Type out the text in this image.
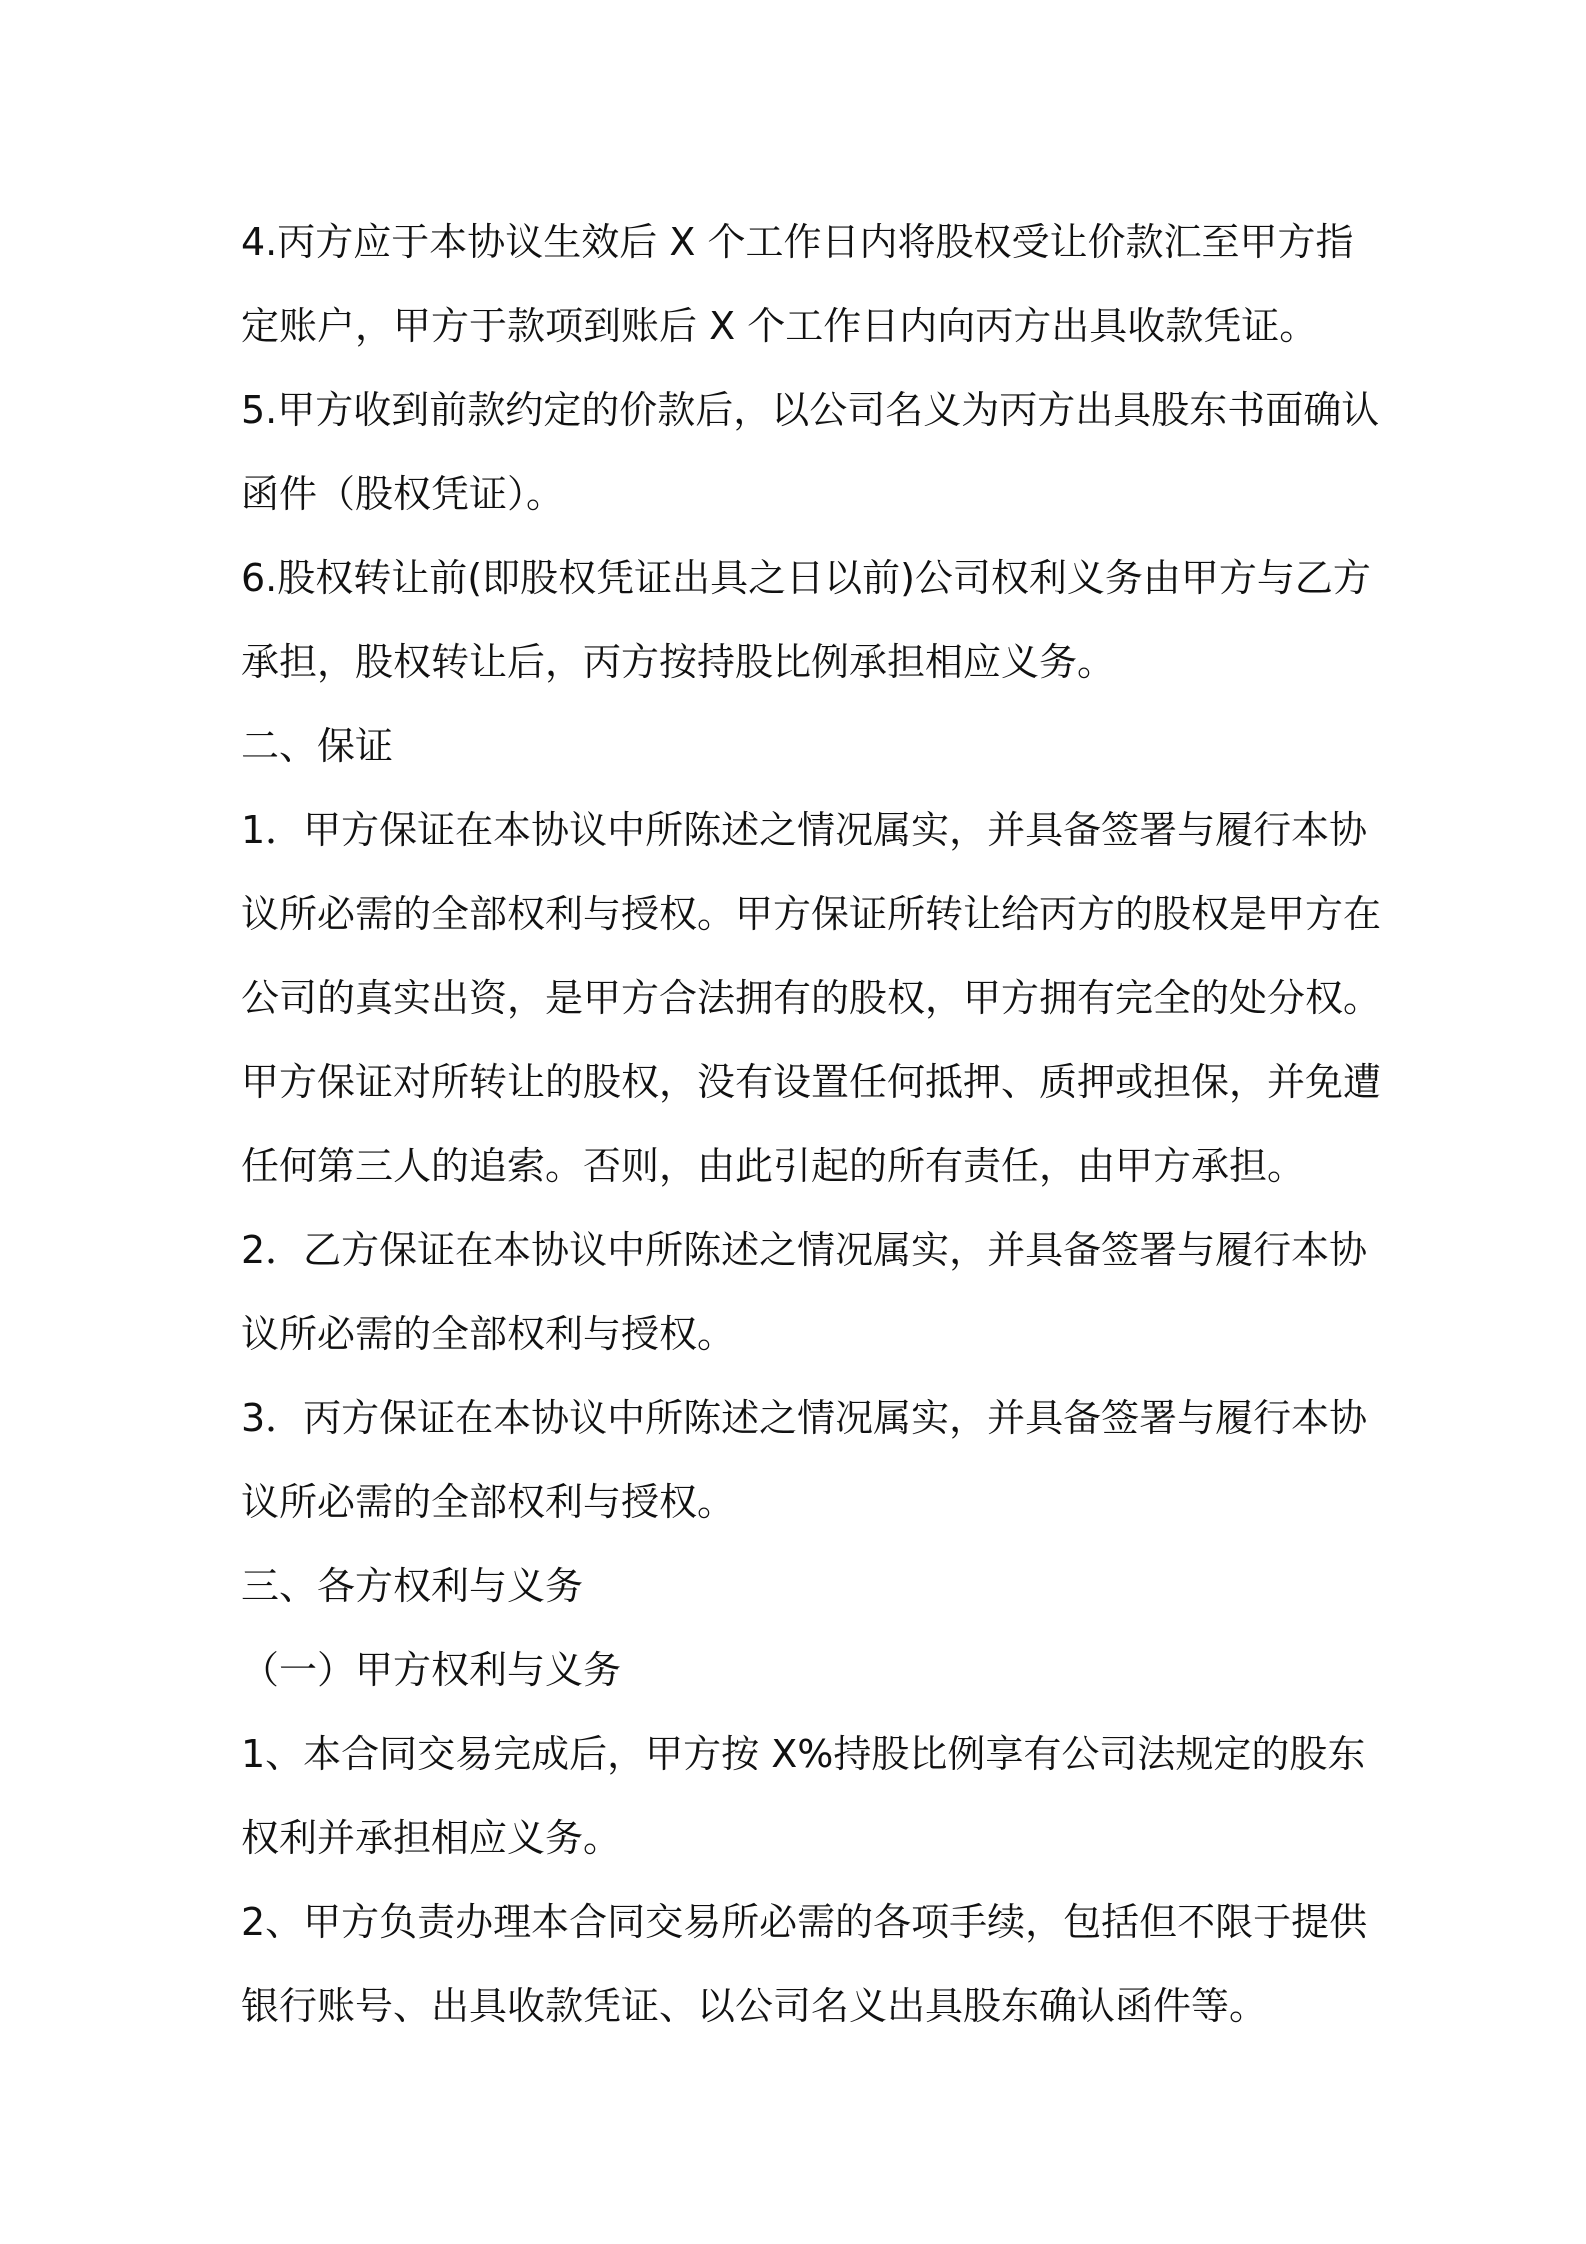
4.丙方应于本协议生效后 X 个工作日内将股权受让价款汇至甲方指

定账户，甲方于款项到账后 X 个工作日内向丙方出具收款凭证。

5.甲方收到前款约定的价款后，以公司名义为丙方出具股东书面确认

函件（股权凭证）。

6.股权转让前(即股权凭证出具之日以前)公司权利义务由甲方与乙方

承担，股权转让后，丙方按持股比例承担相应义务。

二、保证

1．甲方保证在本协议中所陈述之情况属实，并具备签署与履行本协

议所必需的全部权利与授权。甲方保证所转让给丙方的股权是甲方在

公司的真实出资，是甲方合法拥有的股权，甲方拥有完全的处分权。

甲方保证对所转让的股权，没有设置任何抵押、质押或担保，并免遭

任何第三人的追索。否则，由此引起的所有责任，由甲方承担。

2．乙方保证在本协议中所陈述之情况属实，并具备签署与履行本协

议所必需的全部权利与授权。

3．丙方保证在本协议中所陈述之情况属实，并具备签署与履行本协

议所必需的全部权利与授权。

三、各方权利与义务

（一）甲方权利与义务

1、本合同交易完成后，甲方按 X%持股比例享有公司法规定的股东

权利并承担相应义务。

2、甲方负责办理本合同交易所必需的各项手续，包括但不限于提供

银行账号、出具收款凭证、以公司名义出具股东确认函件等。
